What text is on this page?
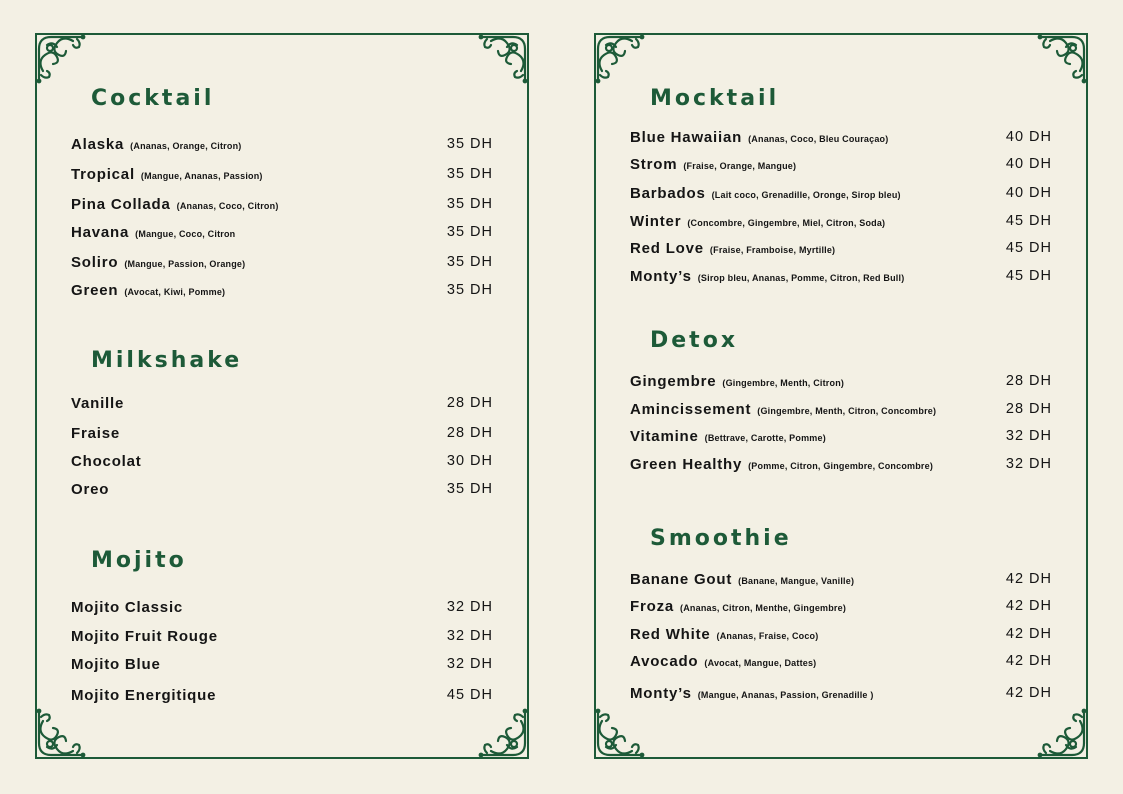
Cocktail
Alaska (Ananas, Orange, Citron)	35 DH
Tropical (Mangue, Ananas, Passion)	35 DH
Pina Collada (Ananas, Coco, Citron)	35 DH
Havana (Mangue, Coco, Citron	35 DH
Soliro (Mangue, Passion, Orange)	35 DH
Green (Avocat, Kiwi, Pomme)	35 DH
Milkshake
Vanille	28 DH
Fraise	28 DH
Chocolat	30 DH
Oreo	35 DH
Mojito
Mojito Classic	32 DH
Mojito Fruit Rouge	32 DH
Mojito Blue	32 DH
Mojito Energitique	45 DH
Mocktail
Blue Hawaiian (Ananas, Coco, Bleu Couraçao)	40 DH
Strom (Fraise, Orange, Mangue)	40 DH
Barbados (Lait coco, Grenadille, Oronge, Sirop bleu)	40 DH
Winter (Concombre, Gingembre, Miel, Citron, Soda)	45 DH
Red Love (Fraise, Framboise, Myrtille)	45 DH
Monty’s (Sirop bleu, Ananas, Pomme, Citron, Red Bull)	45 DH
Detox
Gingembre (Gingembre, Menth, Citron)	28 DH
Amincissement (Gingembre, Menth, Citron, Concombre)	28 DH
Vitamine (Bettrave, Carotte, Pomme)	32 DH
Green Healthy (Pomme, Citron, Gingembre, Concombre)	32 DH
Smoothie
Banane Gout (Banane, Mangue, Vanille)	42 DH
Froza (Ananas, Citron, Menthe, Gingembre)	42 DH
Red White (Ananas, Fraise, Coco)	42 DH
Avocado (Avocat, Mangue, Dattes)	42 DH
Monty’s (Mangue, Ananas, Passion, Grenadille )	42 DH
